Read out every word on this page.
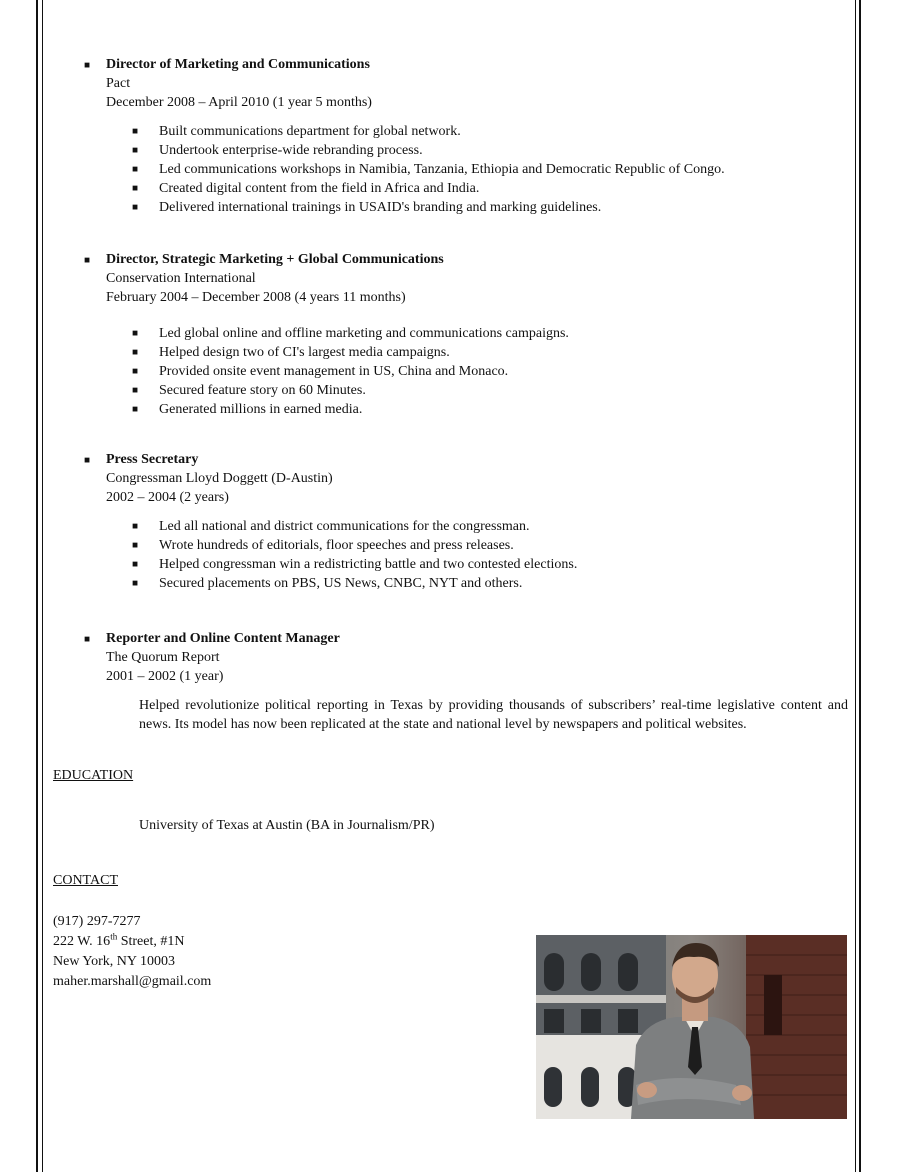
■ Director of Marketing and Communications
Pact
December 2008 – April 2010 (1 year 5 months)
■ Built communications department for global network.
■ Undertook enterprise-wide rebranding process.
■ Led communications workshops in Namibia, Tanzania, Ethiopia and Democratic Republic of Congo.
■ Created digital content from the field in Africa and India.
■ Delivered international trainings in USAID's branding and marking guidelines.
■ Director, Strategic Marketing + Global Communications
Conservation International
February 2004 – December 2008 (4 years 11 months)
■ Led global online and offline marketing and communications campaigns.
■ Helped design two of CI's largest media campaigns.
■ Provided onsite event management in US, China and Monaco.
■ Secured feature story on 60 Minutes.
■ Generated millions in earned media.
■ Press Secretary
Congressman Lloyd Doggett (D-Austin)
2002 – 2004 (2 years)
■ Led all national and district communications for the congressman.
■ Wrote hundreds of editorials, floor speeches and press releases.
■ Helped congressman win a redistricting battle and two contested elections.
■ Secured placements on PBS, US News, CNBC, NYT and others.
■ Reporter and Online Content Manager
The Quorum Report
2001 – 2002 (1 year)

Helped revolutionize political reporting in Texas by providing thousands of subscribers’ real-time legislative content and news. Its model has now been replicated at the state and national level by newspapers and political websites.

EDUCATION
University of Texas at Austin (BA in Journalism/PR)
CONTACT
(917) 297-7277
222 W. 16th Street, #1N
New York, NY 10003
maher.marshall@gmail.com
